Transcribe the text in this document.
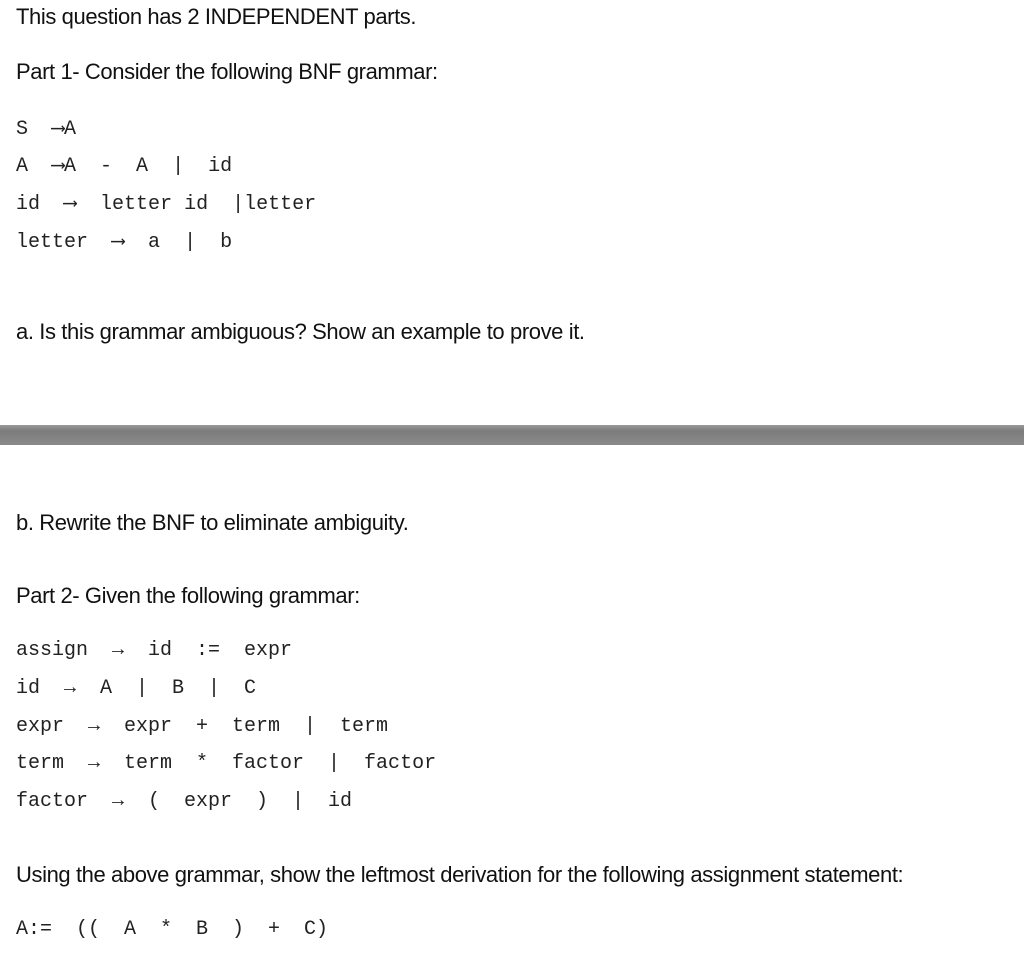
This question has 2 INDEPENDENT parts.

Part 1- Consider the following BNF grammar:

S  ⟶A

A  ⟶A  -  A  |  id

id  ⟶  letter id  |letter

letter  ⟶  a  |  b

a. Is this grammar ambiguous? Show an example to prove it.

b. Rewrite the BNF to eliminate ambiguity.

Part 2- Given the following grammar:

assign  →  id  :=  expr

id  →  A  |  B  |  C

expr  →  expr  +  term  |  term

term  →  term  *  factor  |  factor

factor  →  (  expr  )  |  id

Using the above grammar, show the leftmost derivation for the following assignment statement:

A:=  ((  A  *  B  )  +  C)
